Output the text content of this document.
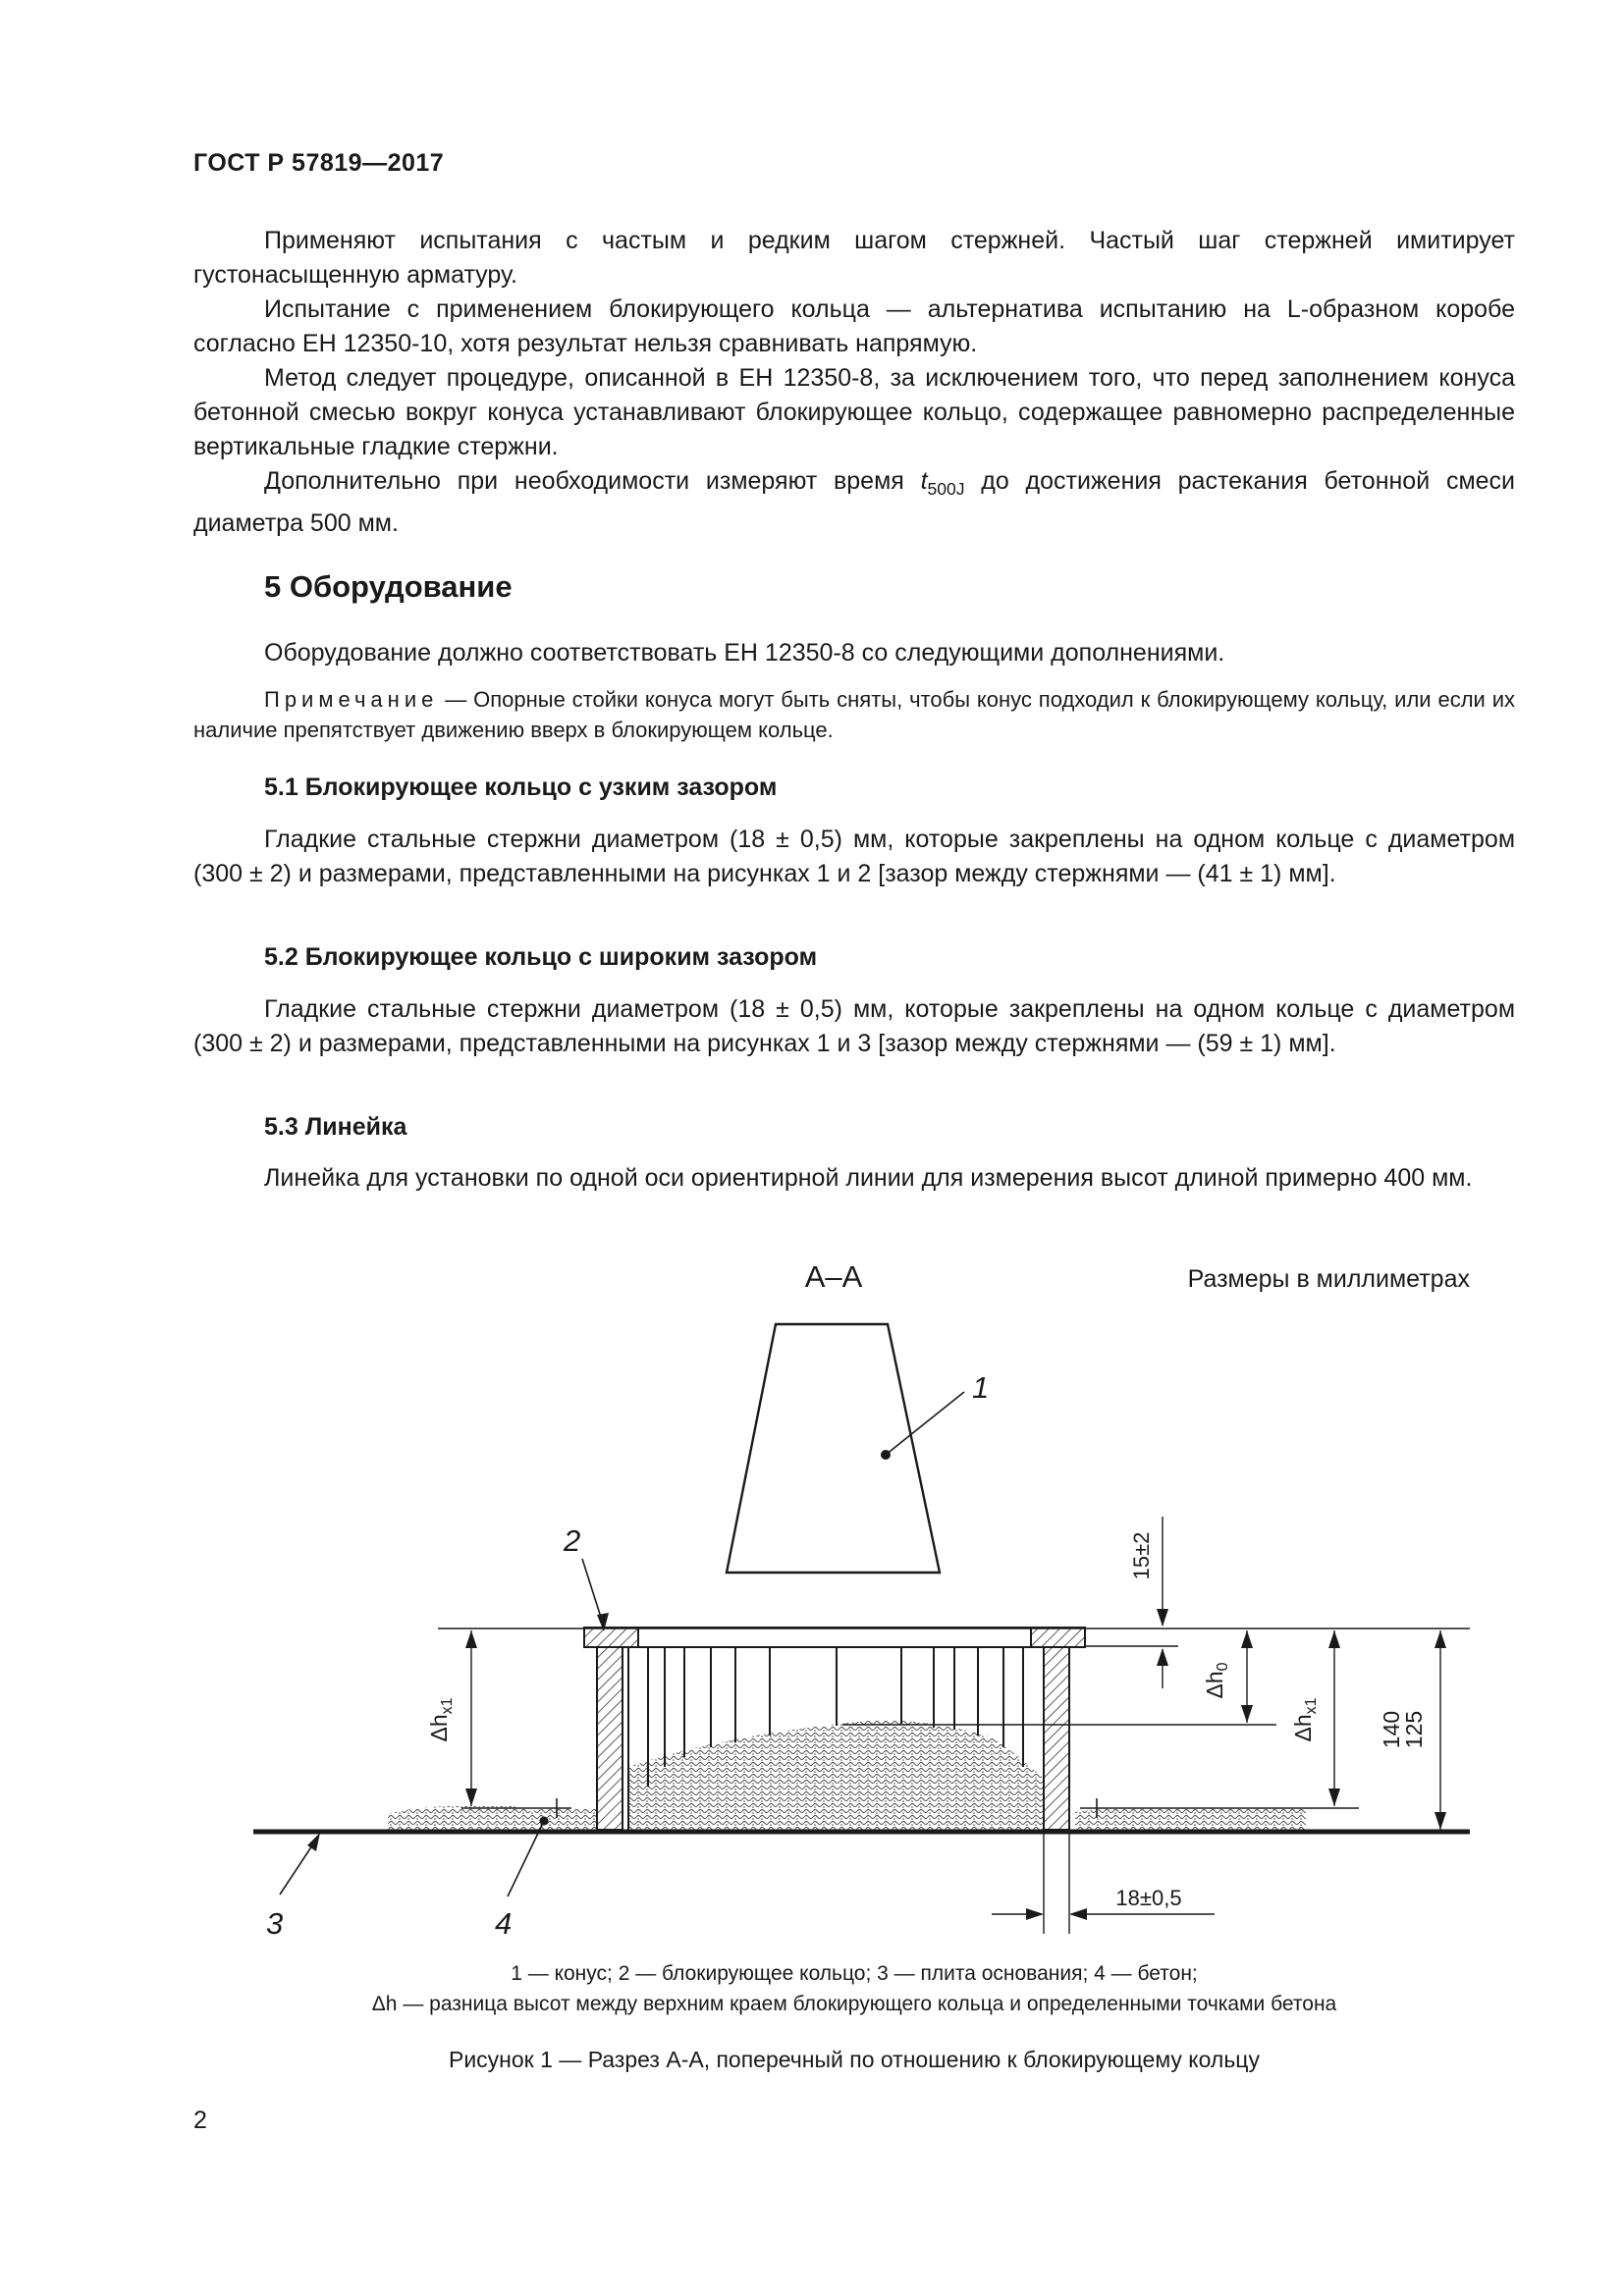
ГОСТ Р 57819—2017
Применяют испытания с частым и редким шагом стержней. Частый шаг стержней имитирует густонасыщенную арматуру.
Испытание с применением блокирующего кольца — альтернатива испытанию на L-образном коробе согласно ЕН 12350-10, хотя результат нельзя сравнивать напрямую.
Метод следует процедуре, описанной в ЕН 12350-8, за исключением того, что перед заполнением конуса бетонной смесью вокруг конуса устанавливают блокирующее кольцо, содержащее равномерно распределенные вертикальные гладкие стержни.
Дополнительно при необходимости измеряют время $t_{500J}$ до достижения растекания бетонной смеси диаметра 500 мм.
5 Оборудование
Оборудование должно соответствовать ЕН 12350-8 со следующими дополнениями.
Примечание — Опорные стойки конуса могут быть сняты, чтобы конус подходил к блокирующему кольцу, или если их наличие препятствует движению вверх в блокирующем кольце.
5.1 Блокирующее кольцо с узким зазором
Гладкие стальные стержни диаметром (18 ± 0,5) мм, которые закреплены на одном кольце с диаметром (300 ± 2) и размерами, представленными на рисунках 1 и 2 [зазор между стержнями — (41 ± 1) мм].
5.2 Блокирующее кольцо с широким зазором
Гладкие стальные стержни диаметром (18 ± 0,5) мм, которые закреплены на одном кольце с диаметром (300 ± 2) и размерами, представленными на рисунках 1 и 3 [зазор между стержнями — (59 ± 1) мм].
5.3 Линейка
Линейка для установки по одной оси ориентирной линии для измерения высот длиной примерно 400 мм.
А–А	Размеры в миллиметрах
1
2
3	4
$\Delta h_{x1}$
15±2
$\Delta h_0$
$\Delta h_{x1}$
140
125
18±0,5
1 — конус; 2 — блокирующее кольцо; 3 — плита основания; 4 — бетон;
Δh — разница высот между верхним краем блокирующего кольца и определенными точками бетона
Рисунок 1 — Разрез А-А, поперечный по отношению к блокирующему кольцу
2
